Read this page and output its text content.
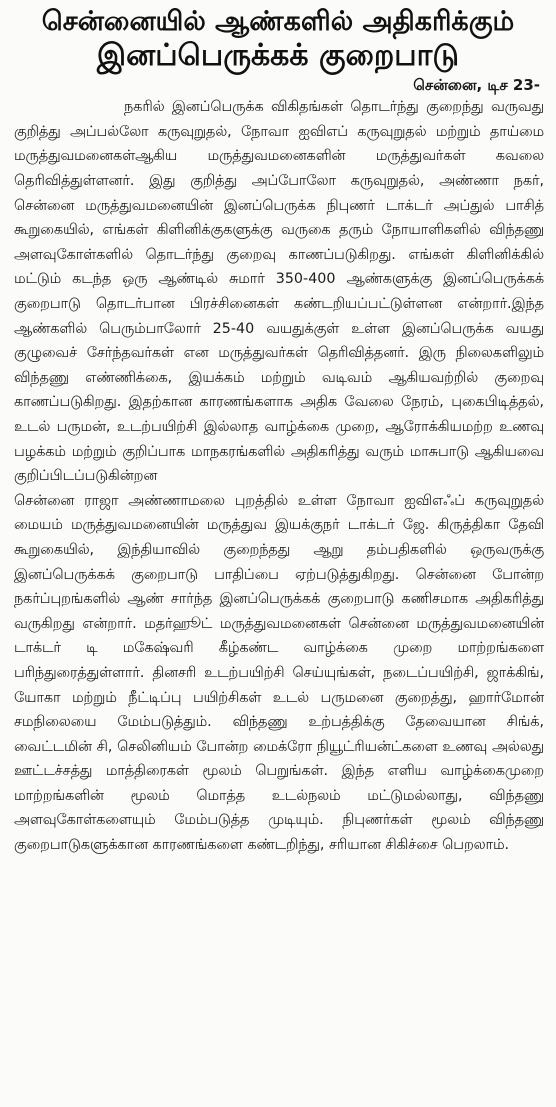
சென்னையில் ஆண்களில் அதிகரிக்கும்
இனப்பெருக்கக் குறைபாடு
சென்னை, டிச 23-

நகரில் இனப்பெருக்க விகிதங்கள் தொடர்ந்து குறைந்து வருவது குறித்து அப்பல்லோ கருவுறுதல், நோவா ஐவிஎப் கருவுறுதல் மற்றும் தாய்மை மருத்துவமனைகள்ஆகிய மருத்துவமனைகளின் மருத்துவர்கள் கவலை தெரிவித்துள்ளனர். இது குறித்து அப்போலோ கருவுறுதல், அண்ணா நகர், சென்னை மருத்துவமனையின் இனப்பெருக்க நிபுணர் டாக்டர் அப்துல் பாசித் கூறுகையில், எங்கள் கிளினிக்குகளுக்கு வருகை தரும் நோயாளிகளில் விந்தணு அளவுகோள்களில் தொடர்ந்து குறைவு காணப்படுகிறது. எங்கள் கிளினிக்கில் மட்டும் கடந்த ஒரு ஆண்டில் சுமார் 350-400 ஆண்களுக்கு இனப்பெருக்கக் குறைபாடு தொடர்பான பிரச்சினைகள் கண்டறியப்பட்டுள்ளன என்றார்.இந்த ஆண்களில் பெரும்பாலோர் 25-40 வயதுக்குள் உள்ள இனப்பெருக்க வயது குழுவைச் சேர்ந்தவர்கள் என மருத்துவர்கள் தெரிவித்தனர். இரு நிலைகளிலும் விந்தணு எண்ணிக்கை, இயக்கம் மற்றும் வடிவம் ஆகியவற்றில் குறைவு காணப்படுகிறது. இதற்கான காரணங்களாக அதிக வேலை நேரம், புகைபிடித்தல், உடல் பருமன், உடற்பயிற்சி இல்லாத வாழ்க்கை முறை, ஆரோக்கியமற்ற உணவு பழக்கம் மற்றும் குறிப்பாக மாநகரங்களில் அதிகரித்து வரும் மாசுபாடு ஆகியவை குறிப்பிடப்படுகின்றன

சென்னை ராஜா அண்ணாமலை புறத்தில் உள்ள நோவா ஐவிஎஃப் கருவுறுதல் மையம் மருத்துவமனையின் மருத்துவ இயக்குநர் டாக்டர் ஜே. கிருத்திகா தேவி கூறுகையில், இந்தியாவில் குறைந்தது ஆறு தம்பதிகளில் ஒருவருக்கு இனப்பெருக்கக் குறைபாடு பாதிப்பை ஏற்படுத்துகிறது. சென்னை போன்ற நகர்ப்புறங்களில் ஆண் சார்ந்த இனப்பெருக்கக் குறைபாடு கணிசமாக அதிகரித்து வருகிறது என்றார். மதர்ஹூட் மருத்துவமனைகள் சென்னை மருத்துவமனையின் டாக்டர் டி மகேஷ்வரி கீழ்கண்ட வாழ்க்கை முறை மாற்றங்களை பரிந்துரைத்துள்ளார். தினசரி உடற்பயிற்சி செய்யுங்கள், நடைப்பயிற்சி, ஜாக்கிங், யோகா மற்றும் நீட்டிப்பு பயிற்சிகள் உடல் பருமனை குறைத்து, ஹார்மோன் சமநிலையை மேம்படுத்தும். விந்தணு உற்பத்திக்கு தேவையான சிங்க், வைட்டமின் சி, செலினியம் போன்ற மைக்ரோ நியூட்ரியன்ட்களை உணவு அல்லது ஊட்டச்சத்து மாத்திரைகள் மூலம் பெறுங்கள். இந்த எளிய வாழ்க்கைமுறை மாற்றங்களின் மூலம் மொத்த உடல்நலம் மட்டுமல்லாது, விந்தணு அளவுகோள்களையும் மேம்படுத்த முடியும். நிபுணர்கள் மூலம் விந்தணு குறைபாடுகளுக்கான காரணங்களை கண்டறிந்து, சரியான சிகிச்சை பெறலாம்.
